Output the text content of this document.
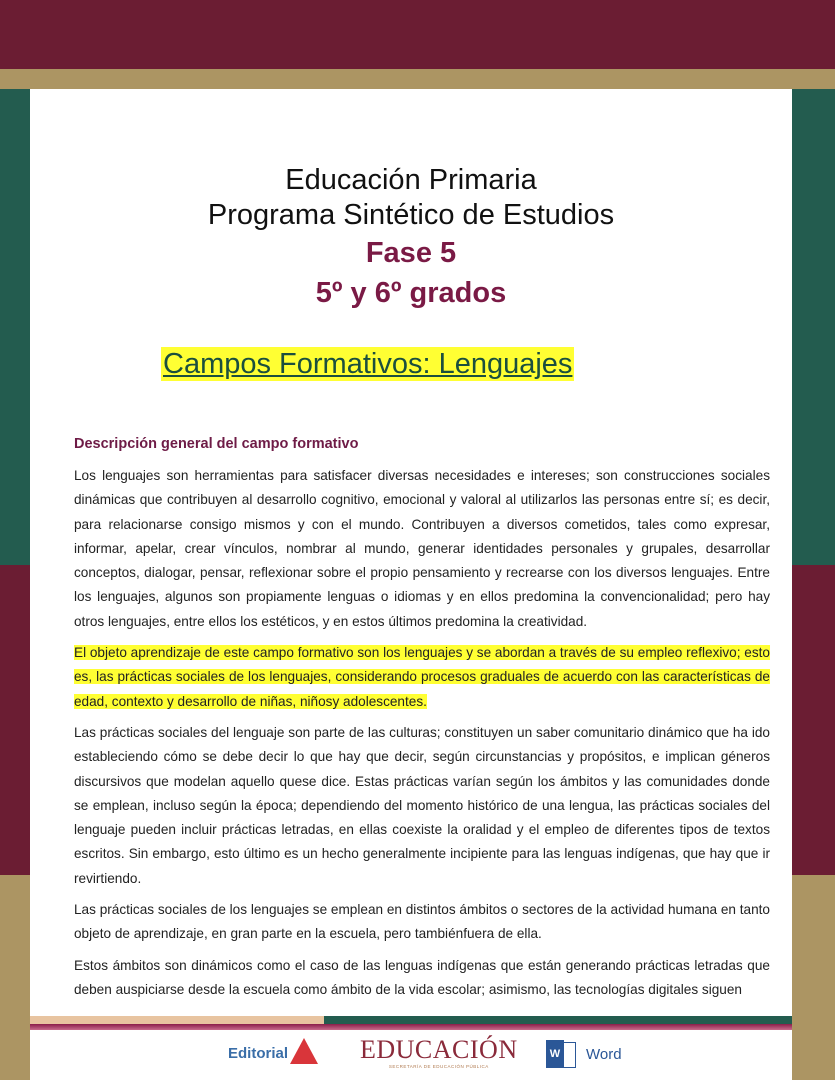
Educación Primaria

Programa Sintético de Estudios

Fase 5

5º y 6º grados

Campos Formativos: Lenguajes
Descripción general del campo formativo

Los lenguajes son herramientas para satisfacer diversas necesidades e intereses; son construcciones sociales dinámicas que contribuyen al desarrollo cognitivo, emocional y valoral al utilizarlos las personas entre sí; es decir, para relacionarse consigo mismos y con el mundo. Contribuyen a diversos cometidos, tales como expresar, informar, apelar, crear vínculos, nombrar al mundo, generar identidades personales y grupales, desarrollar conceptos, dialogar, pensar, reflexionar sobre el propio pensamiento y recrearse con los diversos lenguajes. Entre los lenguajes, algunos son propiamente lenguas o idiomas y en ellos predomina la convencionalidad; pero hay otros lenguajes, entre ellos los estéticos, y en estos últimos predomina la creatividad.

El objeto aprendizaje de este campo formativo son los lenguajes y se abordan a través de su empleo reflexivo; esto es, las prácticas sociales de los lenguajes, considerando procesos graduales de acuerdo con las características de edad, contexto y desarrollo de niñas, niñosy adolescentes.

Las prácticas sociales del lenguaje son parte de las culturas; constituyen un saber comunitario dinámico que ha ido estableciendo cómo se debe decir lo que hay que decir, según circunstancias y propósitos, e implican géneros discursivos que modelan aquello quese dice. Estas prácticas varían según los ámbitos y las comunidades donde se emplean, incluso según la época; dependiendo del momento histórico de una lengua, las prácticas sociales del lenguaje pueden incluir prácticas letradas, en ellas coexiste la oralidad y el empleo de diferentes tipos de textos escritos. Sin embargo, esto último es un hecho generalmente incipiente para las lenguas indígenas, que hay que ir revirtiendo.

Las prácticas sociales de los lenguajes se emplean en distintos ámbitos o sectores de la actividad humana en tanto objeto de aprendizaje, en gran parte en la escuela, pero tambiénfuera de ella.

Estos ámbitos son dinámicos como el caso de las lenguas indígenas que están generando prácticas letradas que deben auspiciarse desde la escuela como ámbito de la vida escolar; asimismo, las tecnologías digitales siguen

Editorial	EDUCACIÓN
SECRETARÍA DE EDUCACIÓN PÚBLICA
W Word
